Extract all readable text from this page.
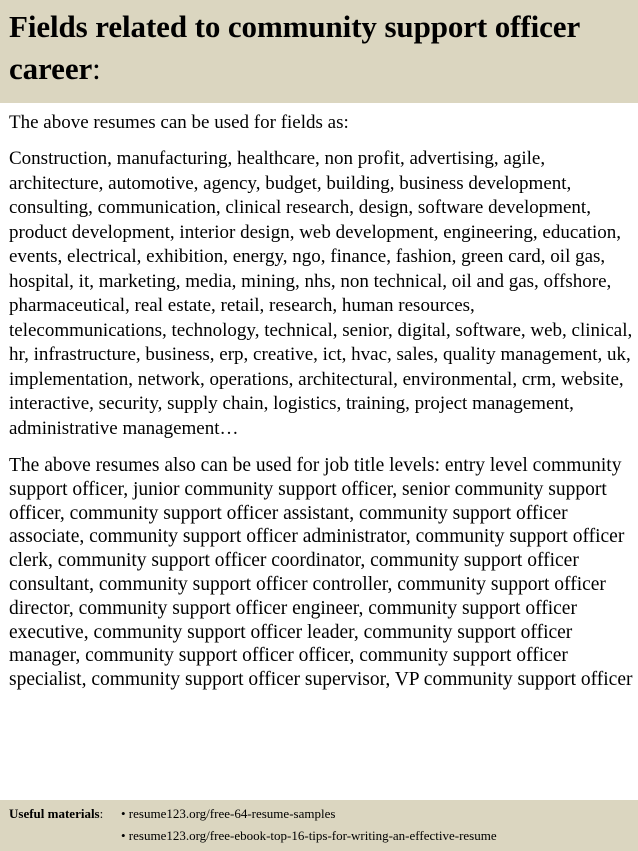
Fields related to community support officer career:

The above resumes can be used for fields as:

Construction, manufacturing, healthcare, non profit, advertising, agile, architecture, automotive, agency, budget, building, business development, consulting, communication, clinical research, design, software development, product development, interior design, web development, engineering, education, events, electrical, exhibition, energy, ngo, finance, fashion, green card, oil gas, hospital, it, marketing, media, mining, nhs, non technical, oil and gas, offshore, pharmaceutical, real estate, retail, research, human resources, telecommunications, technology, technical, senior, digital, software, web, clinical, hr, infrastructure, business, erp, creative, ict, hvac, sales, quality management, uk, implementation, network, operations, architectural, environmental, crm, website, interactive, security, supply chain, logistics, training, project management, administrative management…

The above resumes also can be used for job title levels: entry level community support officer, junior community support officer, senior community support officer, community support officer assistant, community support officer associate, community support officer administrator, community support officer clerk, community support officer coordinator, community support officer consultant, community support officer controller, community support officer director, community support officer engineer, community support officer executive, community support officer leader, community support officer manager, community support officer officer, community support officer specialist, community support officer supervisor, VP community support officer

Useful materials: • resume123.org/free-64-resume-samples
• resume123.org/free-ebook-top-16-tips-for-writing-an-effective-resume
